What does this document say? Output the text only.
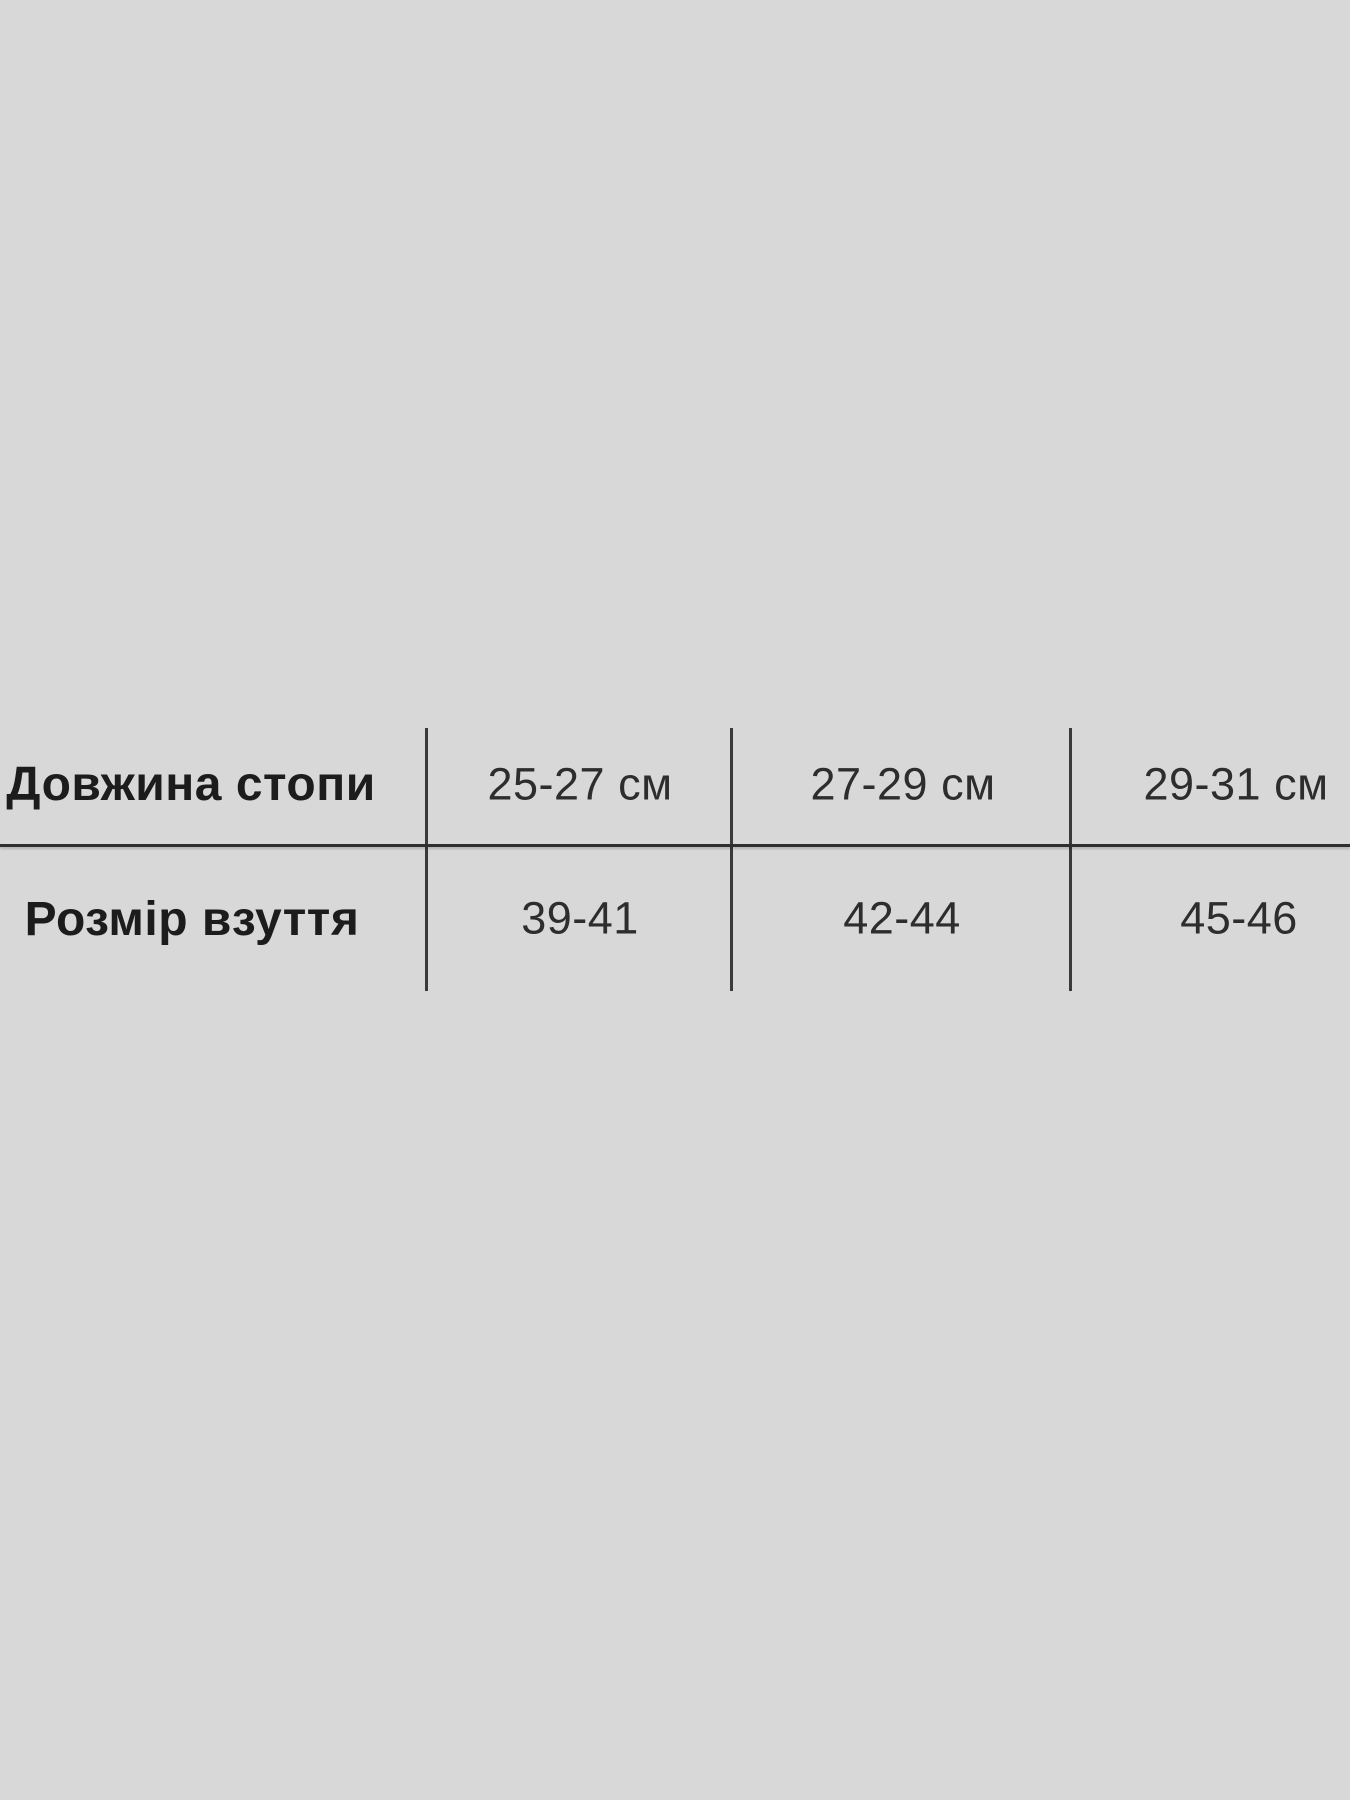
Довжина стопи 25-27 см	27-29 см	29-31 см
Розмір взуття	39-41	42-44	45-46
